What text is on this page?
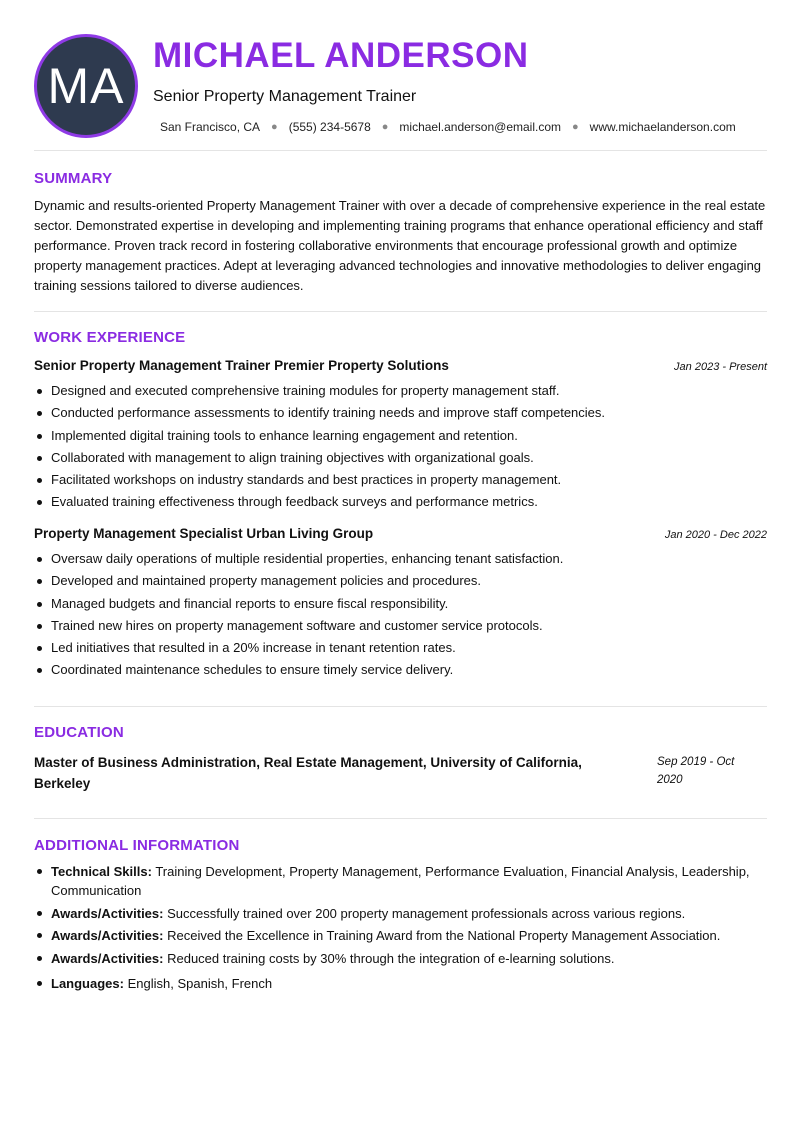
MA
MICHAEL ANDERSON
Senior Property Management Trainer
San Francisco, CA ● (555) 234-5678 ● michael.anderson@email.com ● www.michaelanderson.com
SUMMARY

Dynamic and results-oriented Property Management Trainer with over a decade of comprehensive experience in the real estate sector. Demonstrated expertise in developing and implementing training programs that enhance operational efficiency and staff performance. Proven track record in fostering collaborative environments that encourage professional growth and optimize property management practices. Adept at leveraging advanced technologies and innovative methodologies to deliver engaging training sessions tailored to diverse audiences.

WORK EXPERIENCE
Senior Property Management Trainer Premier Property Solutions	Jan 2023 - Present
Designed and executed comprehensive training modules for property management staff.
Conducted performance assessments to identify training needs and improve staff competencies.
Implemented digital training tools to enhance learning engagement and retention.
Collaborated with management to align training objectives with organizational goals.
Facilitated workshops on industry standards and best practices in property management.
Evaluated training effectiveness through feedback surveys and performance metrics.
Property Management Specialist Urban Living Group	Jan 2020 - Dec 2022
Oversaw daily operations of multiple residential properties, enhancing tenant satisfaction.
Developed and maintained property management policies and procedures.
Managed budgets and financial reports to ensure fiscal responsibility.
Trained new hires on property management software and customer service protocols.
Led initiatives that resulted in a 20% increase in tenant retention rates.
Coordinated maintenance schedules to ensure timely service delivery.
EDUCATION
Master of Business Administration, Real Estate Management, University of California, Berkeley
Sep 2019 - Oct 2020
ADDITIONAL INFORMATION
Technical Skills: Training Development, Property Management, Performance Evaluation, Financial Analysis, Leadership, Communication
Awards/Activities: Successfully trained over 200 property management professionals across various regions.
Awards/Activities: Received the Excellence in Training Award from the National Property Management Association.
Awards/Activities: Reduced training costs by 30% through the integration of e-learning solutions.
Languages: English, Spanish, French
